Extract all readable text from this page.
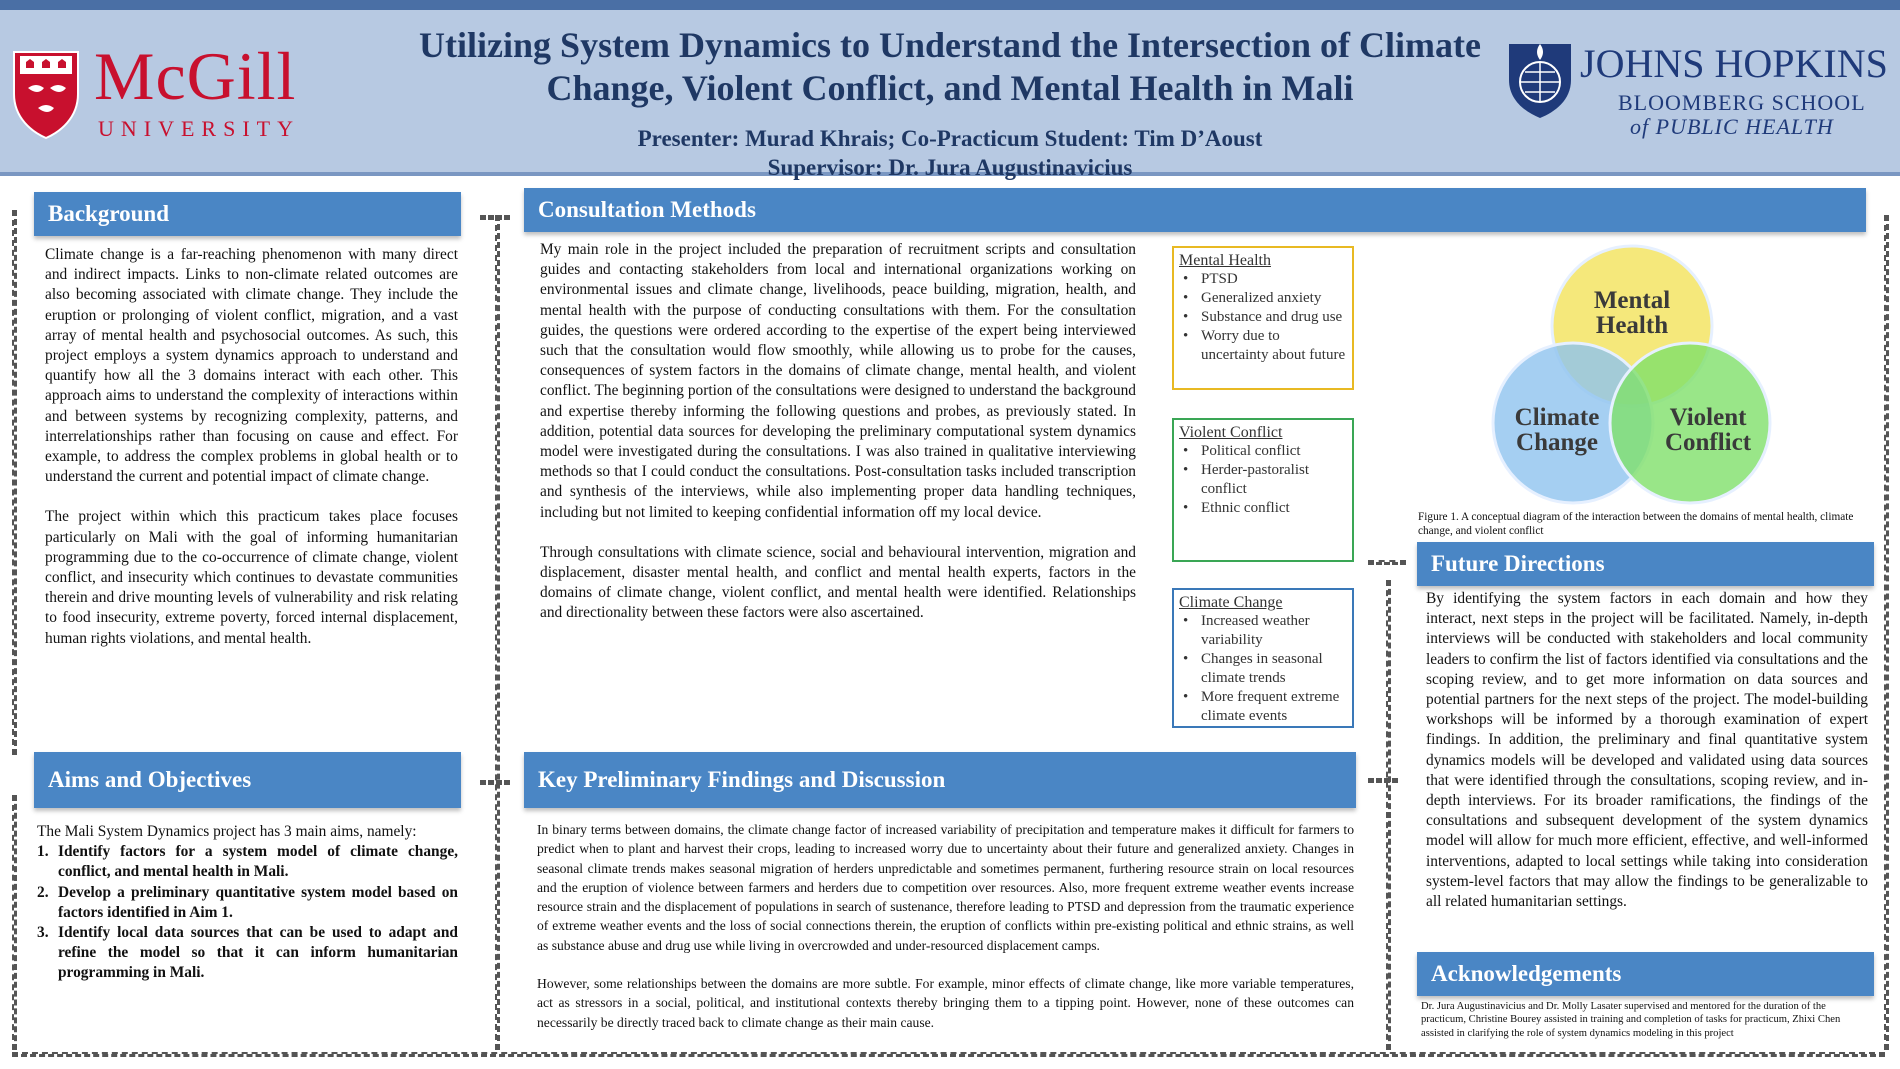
McGill
UNIVERSITY
Utilizing System Dynamics to Understand the Intersection of Climate
Change, Violent Conflict, and Mental Health in Mali
Presenter: Murad Khrais; Co-Practicum Student: Tim D’Aoust
Supervisor: Dr. Jura Augustinavicius
JOHNS HOPKINS
BLOOMBERG SCHOOL
of PUBLIC HEALTH
Background

Climate change is a far-reaching phenomenon with many direct and indirect impacts. Links to non-climate related outcomes are also becoming associated with climate change. They include the eruption or prolonging of violent conflict, migration, and a vast array of mental health and psychosocial outcomes. As such, this project employs a system dynamics approach to understand and quantify how all the 3 domains interact with each other. This approach aims to understand the complexity of interactions within and between systems by recognizing complexity, patterns, and interrelationships rather than focusing on cause and effect. For example, to address the complex problems in global health or to understand the current and potential impact of climate change.

The project within which this practicum takes place focuses particularly on Mali with the goal of informing humanitarian programming due to the co-occurrence of climate change, violent conflict, and insecurity which continues to devastate communities therein and drive mounting levels of vulnerability and risk relating to food insecurity, extreme poverty, forced internal displacement, human rights violations, and mental health.

Aims and Objectives
The Mali System Dynamics project has 3 main aims, namely:
1. Identify factors for a system model of climate change, conflict, and mental health in Mali.
2. Develop a preliminary quantitative system model based on factors identified in Aim 1.
3. Identify local data sources that can be used to adapt and refine the model so that it can inform humanitarian programming in Mali.
Consultation Methods

My main role in the project included the preparation of recruitment scripts and consultation guides and contacting stakeholders from local and international organizations working on environmental issues and climate change, livelihoods, peace building, migration, health, and mental health with the purpose of conducting consultations with them. For the consultation guides, the questions were ordered according to the expertise of the expert being interviewed such that the consultation would flow smoothly, while allowing us to probe for the causes, consequences of system factors in the domains of climate change, mental health, and violent conflict. The beginning portion of the consultations were designed to understand the background and expertise thereby informing the following questions and probes, as previously stated. In addition, potential data sources for developing the preliminary computational system dynamics model were investigated during the consultations. I was also trained in qualitative interviewing methods so that I could conduct the consultations. Post-consultation tasks included transcription and synthesis of the interviews, while also implementing proper data handling techniques, including but not limited to keeping confidential information off my local device.

Through consultations with climate science, social and behavioural intervention, migration and displacement, disaster mental health, and conflict and mental health experts, factors in the domains of climate change, violent conflict, and mental health were identified. Relationships and directionality between these factors were also ascertained.

Mental Health
• PTSD
• Generalized anxiety
• Substance and drug use
• Worry due to uncertainty about future
Violent Conflict
• Political conflict
• Herder-pastoralist conflict
• Ethnic conflict
Climate Change
• Increased weather variability
• Changes in seasonal climate trends
• More frequent extreme climate events
Mental
Health
Climate
Change
Violent
Conflict
Figure 1. A conceptual diagram of the interaction between the domains of mental health, climate change, and violent conflict
Key Preliminary Findings and Discussion

In binary terms between domains, the climate change factor of increased variability of precipitation and temperature makes it difficult for farmers to predict when to plant and harvest their crops, leading to increased worry due to uncertainty about their future and generalized anxiety. Changes in seasonal climate trends makes seasonal migration of herders unpredictable and sometimes permanent, furthering resource strain on local resources and the eruption of violence between farmers and herders due to competition over resources. Also, more frequent extreme weather events increase resource strain and the displacement of populations in search of sustenance, therefore leading to PTSD and depression from the traumatic experience of extreme weather events and the loss of social connections therein, the eruption of conflicts within pre-existing political and ethnic strains, as well as substance abuse and drug use while living in overcrowded and under-resourced displacement camps.

However, some relationships between the domains are more subtle. For example, minor effects of climate change, like more variable temperatures, act as stressors in a social, political, and institutional contexts thereby bringing them to a tipping point. However, none of these outcomes can necessarily be directly traced back to climate change as their main cause.

Future Directions
By identifying the system factors in each domain and how they interact, next steps in the project will be facilitated. Namely, in-depth interviews will be conducted with stakeholders and local community leaders to confirm the list of factors identified via consultations and the scoping review, and to get more information on data sources and potential partners for the next steps of the project. The model-building workshops will be informed by a thorough examination of expert findings. In addition, the preliminary and final quantitative system dynamics models will be developed and validated using data sources that were identified through the consultations, scoping review, and in-depth interviews. For its broader ramifications, the findings of the consultations and subsequent development of the system dynamics model will allow for much more efficient, effective, and well-informed interventions, adapted to local settings while taking into consideration system-level factors that may allow the findings to be generalizable to all related humanitarian settings.
Acknowledgements
Dr. Jura Augustinavicius and Dr. Molly Lasater supervised and mentored for the duration of the practicum, Christine Bourey assisted in training and completion of tasks for practicum, Zhixi Chen assisted in clarifying the role of system dynamics modeling in this project
